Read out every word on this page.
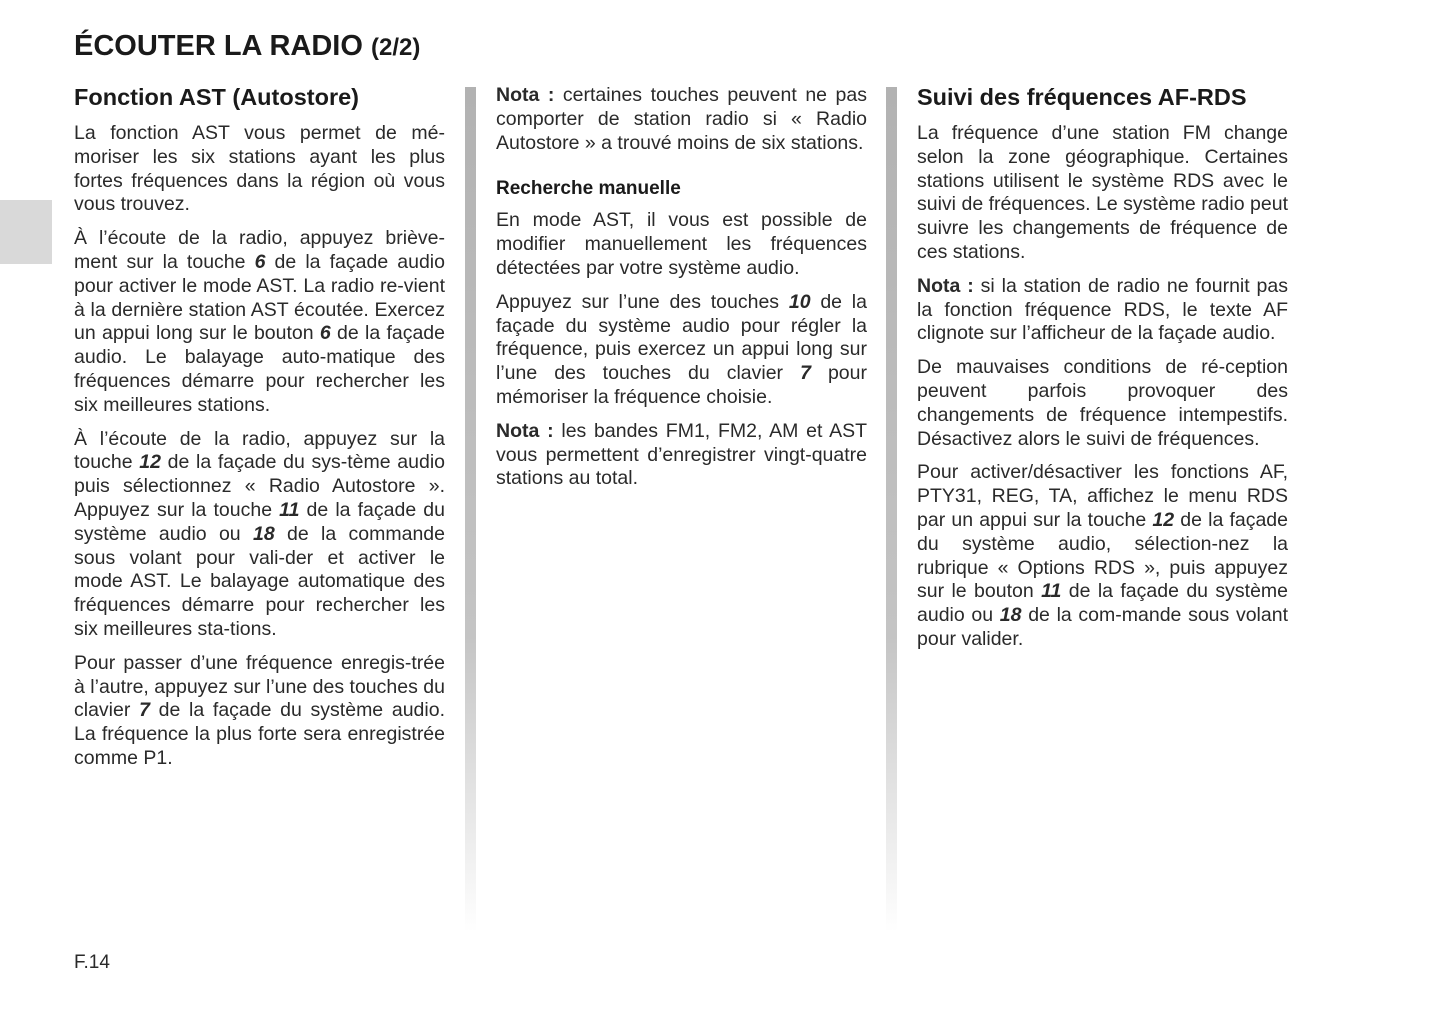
ÉCOUTER LA RADIO (2/2)
Fonction AST (Autostore)

La fonction AST vous permet de mé-moriser les six stations ayant les plus fortes fréquences dans la région où vous vous trouvez.

À l’écoute de la radio, appuyez briève-ment sur la touche 6 de la façade audio pour activer le mode AST. La radio re-vient à la dernière station AST écoutée. Exercez un appui long sur le bouton 6 de la façade audio. Le balayage auto-matique des fréquences démarre pour rechercher les six meilleures stations.

À l’écoute de la radio, appuyez sur la touche 12 de la façade du sys-tème audio puis sélectionnez « Radio Autostore ». Appuyez sur la touche 11 de la façade du système audio ou 18 de la commande sous volant pour vali-der et activer le mode AST. Le balayage automatique des fréquences démarre pour rechercher les six meilleures sta-tions.

Pour passer d’une fréquence enregis-trée à l’autre, appuyez sur l’une des touches du clavier 7 de la façade du système audio. La fréquence la plus forte sera enregistrée comme P1.

Nota : certaines touches peuvent ne pas comporter de station radio si « Radio Autostore » a trouvé moins de six stations.

Recherche manuelle

En mode AST, il vous est possible de modifier manuellement les fréquences détectées par votre système audio.

Appuyez sur l’une des touches 10 de la façade du système audio pour régler la fréquence, puis exercez un appui long sur l’une des touches du clavier 7 pour mémoriser la fréquence choisie.

Nota : les bandes FM1, FM2, AM et AST vous permettent d’enregistrer vingt-quatre stations au total.

Suivi des fréquences AF-RDS

La fréquence d’une station FM change selon la zone géographique. Certaines stations utilisent le système RDS avec le suivi de fréquences. Le système radio peut suivre les changements de fréquence de ces stations.

Nota : si la station de radio ne fournit pas la fonction fréquence RDS, le texte AF clignote sur l’afficheur de la façade audio.

De mauvaises conditions de ré-ception peuvent parfois provoquer des changements de fréquence intempestifs. Désactivez alors le suivi de fréquences.

Pour activer/désactiver les fonctions AF, PTY31, REG, TA, affichez le menu RDS par un appui sur la touche 12 de la façade du système audio, sélection-nez la rubrique « Options RDS », puis appuyez sur le bouton 11 de la façade du système audio ou 18 de la com-mande sous volant pour valider.

F.14
